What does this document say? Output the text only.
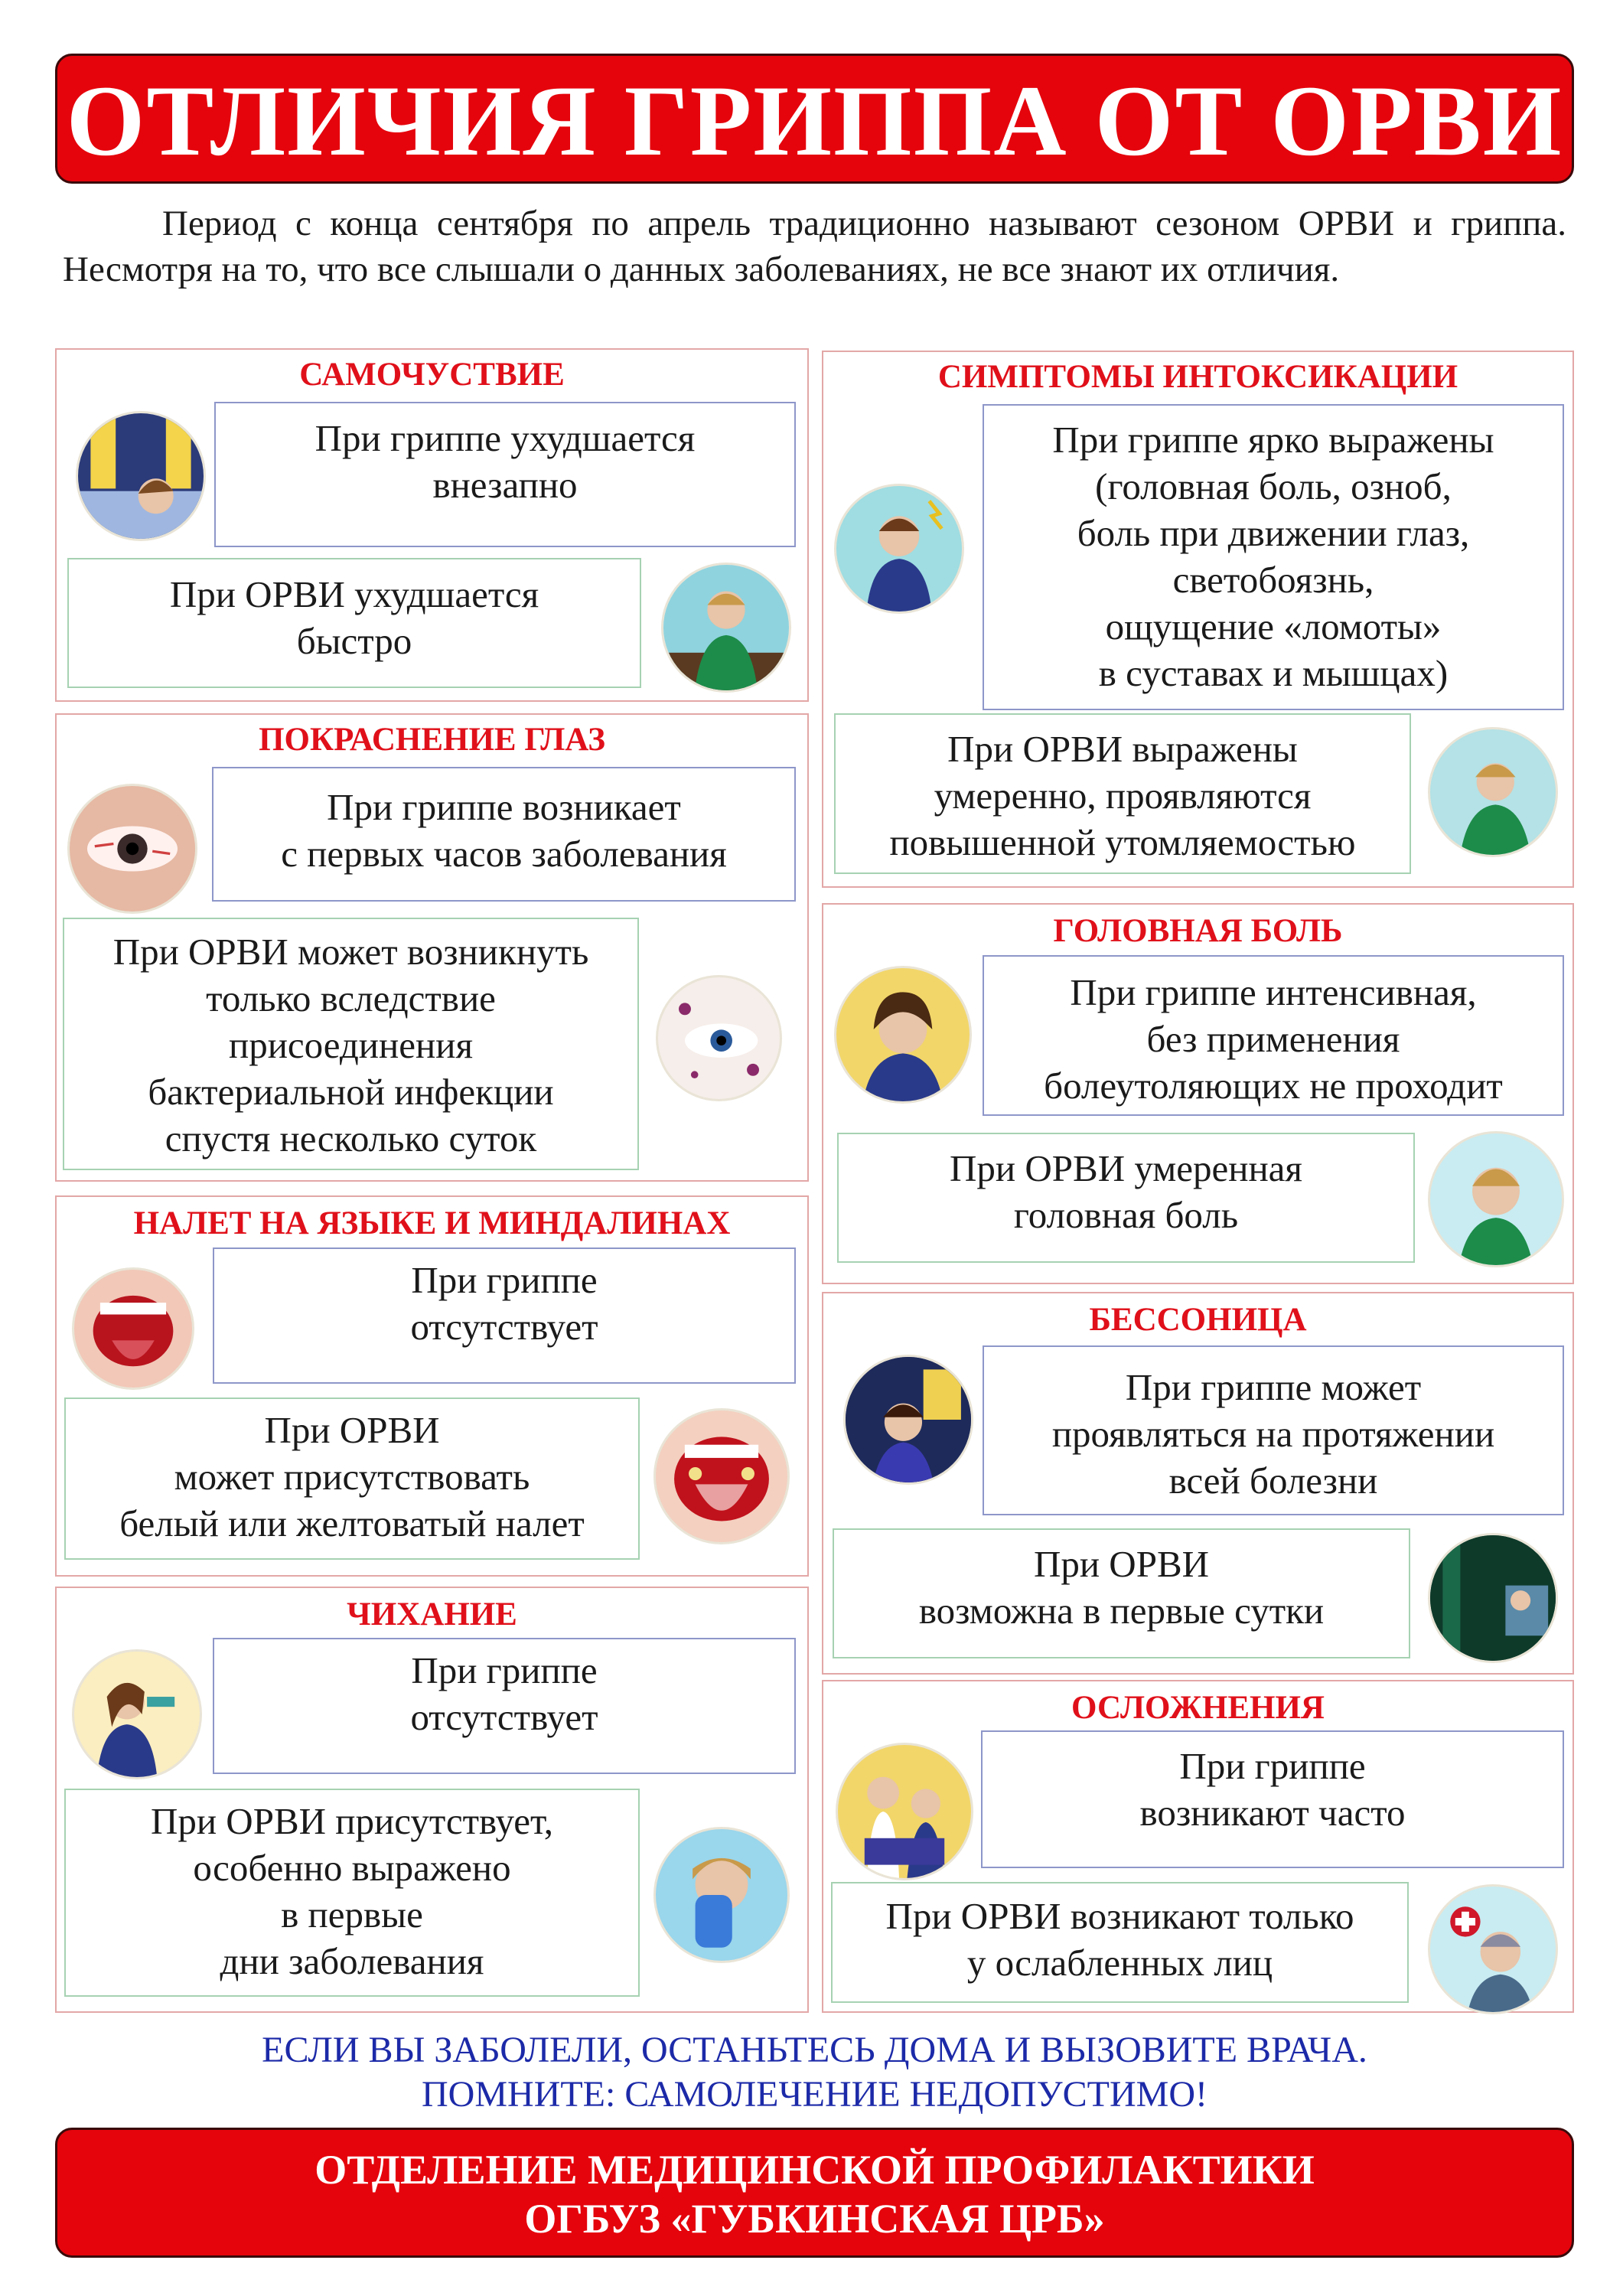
ОТЛИЧИЯ ГРИППА ОТ ОРВИ
Период с конца сентября по апрель традиционно называют сезоном ОРВИ и гриппа. Несмотря на то, что все слышали о данных заболеваниях, не все знают их отличия.
САМОЧУСТВИЕ
При гриппе ухудшается
внезапно
При ОРВИ ухудшается
быстро
ПОКРАСНЕНИЕ ГЛАЗ
При гриппе возникает
с первых часов заболевания
При ОРВИ может возникнуть
только вследствие
присоединения
бактериальной инфекции
спустя несколько суток
НАЛЕТ НА ЯЗЫКЕ И МИНДАЛИНАХ
При гриппе
отсутствует
При ОРВИ
может присутствовать
белый или желтоватый налет
ЧИХАНИЕ
При гриппе
отсутствует
При ОРВИ присутствует,
особенно выражено
в первые
дни заболевания
СИМПТОМЫ ИНТОКСИКАЦИИ
При гриппе ярко выражены
(головная боль, озноб,
боль при движении глаз,
светобоязнь,
ощущение «ломоты»
в суставах и мышцах)
При ОРВИ выражены
умеренно, проявляются
повышенной утомляемостью
ГОЛОВНАЯ БОЛЬ
При гриппе интенсивная,
без применения
болеутоляющих не проходит
При ОРВИ умеренная
головная боль
БЕССОНИЦА
При гриппе может
проявляться на протяжении
всей болезни
При ОРВИ
возможна в первые сутки
ОСЛОЖНЕНИЯ
При гриппе
возникают часто
При ОРВИ возникают только
у ослабленных лиц
ЕСЛИ ВЫ ЗАБОЛЕЛИ, ОСТАНЬТЕСЬ ДОМА И ВЫЗОВИТЕ ВРАЧА.
ПОМНИТЕ: САМОЛЕЧЕНИЕ НЕДОПУСТИМО!
ОТДЕЛЕНИЕ МЕДИЦИНСКОЙ ПРОФИЛАКТИКИ
ОГБУЗ «ГУБКИНСКАЯ ЦРБ»
